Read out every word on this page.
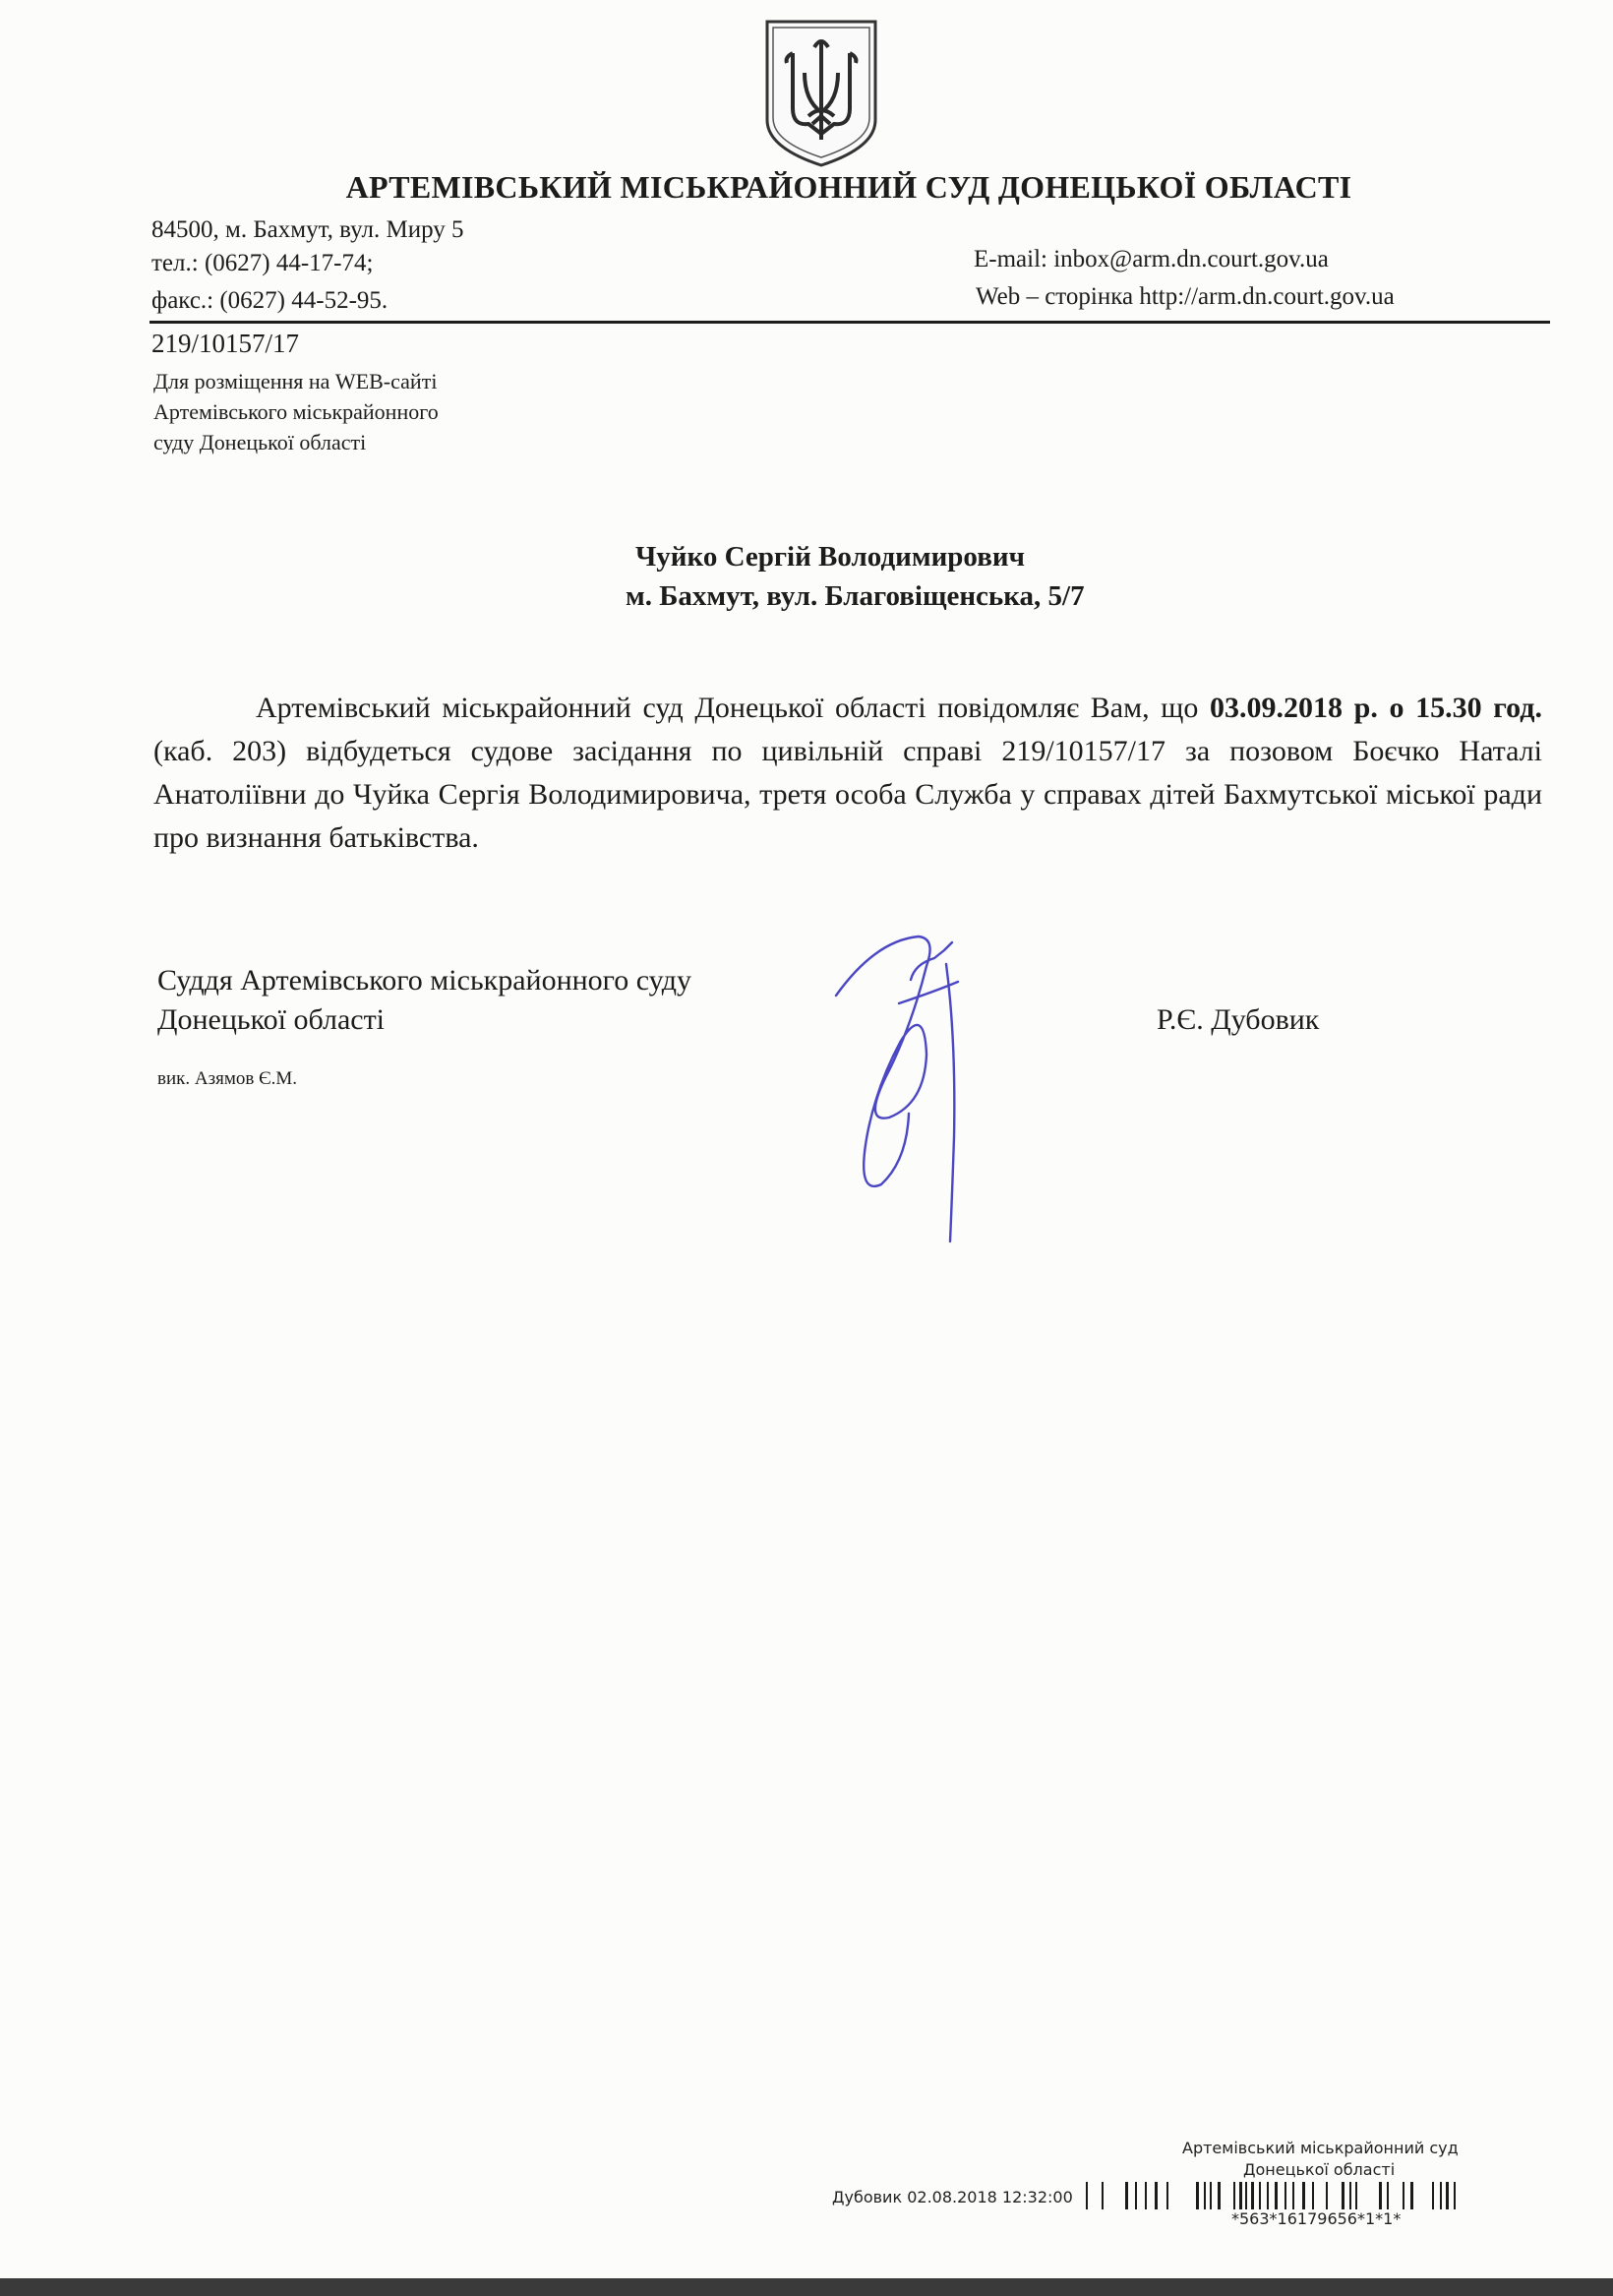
АРТЕМІВСЬКИЙ МІСЬКРАЙОННИЙ СУД ДОНЕЦЬКОЇ ОБЛАСТІ
84500, м. Бахмут, вул. Миру 5
тел.: (0627) 44-17-74;
факс.: (0627) 44-52-95.
E-mail: inbox@arm.dn.court.gov.ua
Web – сторінка http://arm.dn.court.gov.ua
219/10157/17
Для розміщення на WEB-сайті
Артемівського міськрайонного
суду Донецької області
Чуйко Сергій Володимирович
м. Бахмут, вул. Благовіщенська, 5/7

Артемівський міськрайонний суд Донецької області повідомляє Вам, що 03.09.2018 р. о 15.30 год. (каб. 203) відбудеться судове засідання по цивільній справі 219/10157/17 за позовом Боєчко Наталі Анатоліївни до Чуйка Сергія Володимировича, третя особа Служба у справах дітей Бахмутської міської ради про визнання батьківства.

Суддя Артемівського міськрайонного суду
Донецької області	Р.Є. Дубовик
вик. Азямов Є.М.
Артемівський міськрайонний суд
Донецької області
Дубовик 02.08.2018 12:32:00
*563*16179656*1*1*
